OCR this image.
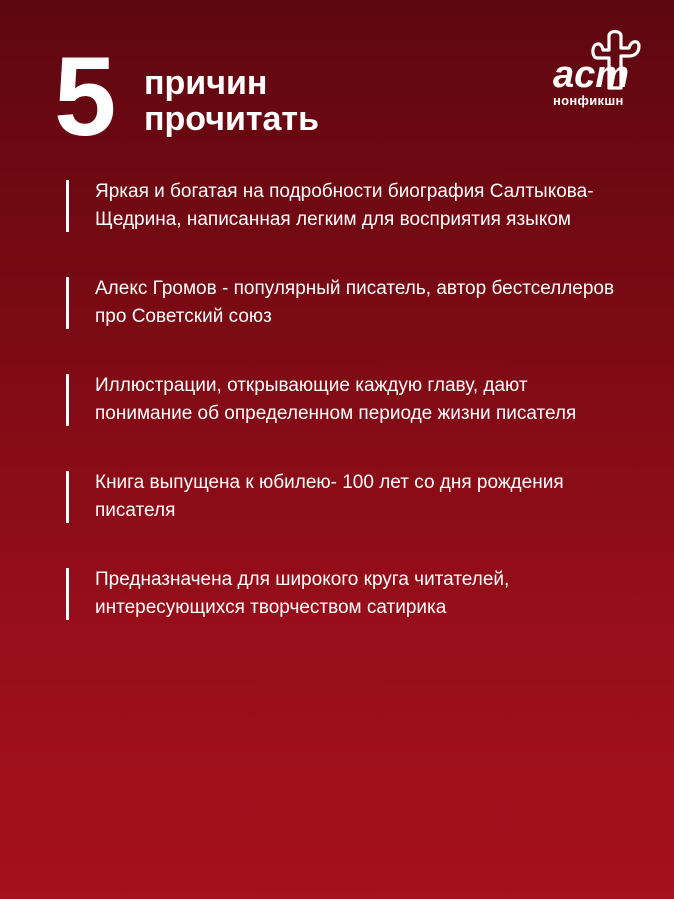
5 причин
прочитать
аст
нонфикшн
Яркая и богатая на подробности биография Салтыкова-Щедрина, написанная легким для восприятия языком
Алекс Громов - популярный писатель, автор бестселлеров про Советский союз
Иллюстрации, открывающие каждую главу, дают понимание об определенном периоде жизни писателя
Книга выпущена к юбилею- 100 лет со дня рождения писателя
Предназначена для широкого круга читателей, интересующихся творчеством сатирика
